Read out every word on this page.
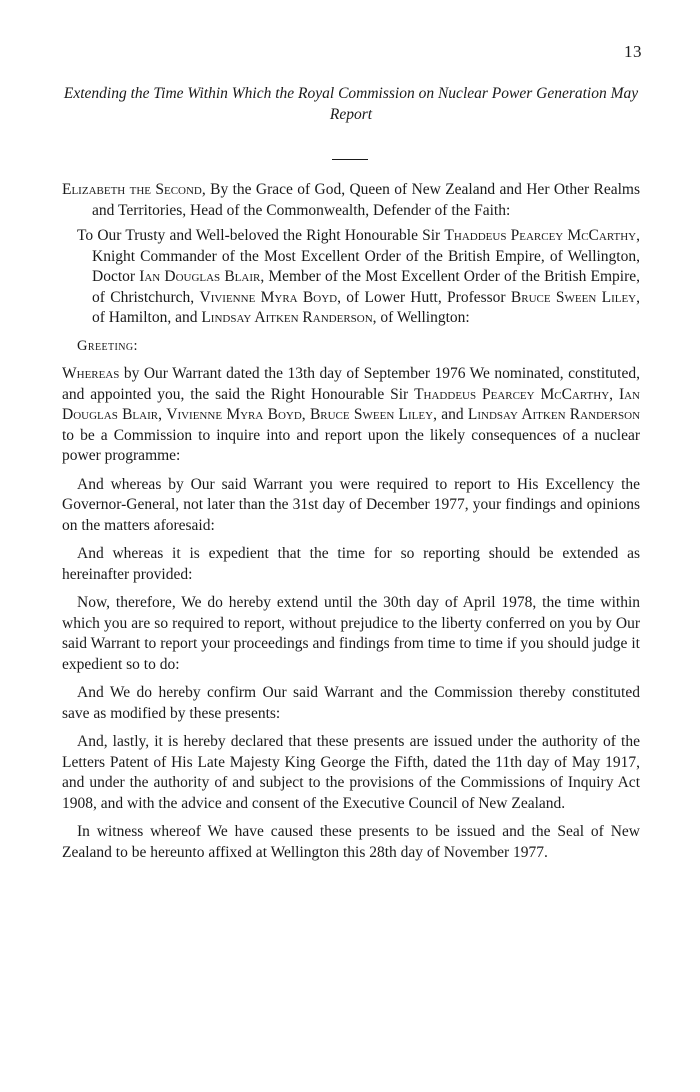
13
Extending the Time Within Which the Royal Commission on Nuclear Power Generation May Report

Elizabeth the Second, By the Grace of God, Queen of New Zealand and Her Other Realms and Territories, Head of the Commonwealth, Defender of the Faith:

To Our Trusty and Well-beloved the Right Honourable Sir Thaddeus Pearcey McCarthy, Knight Commander of the Most Excellent Order of the British Empire, of Wellington, Doctor Ian Douglas Blair, Member of the Most Excellent Order of the British Empire, of Christchurch, Vivienne Myra Boyd, of Lower Hutt, Professor Bruce Sween Liley, of Hamilton, and Lindsay Aitken Randerson, of Wellington:

Greeting:

Whereas by Our Warrant dated the 13th day of September 1976 We nominated, constituted, and appointed you, the said the Right Honourable Sir Thaddeus Pearcey McCarthy, Ian Douglas Blair, Vivienne Myra Boyd, Bruce Sween Liley, and Lindsay Aitken Randerson to be a Commission to inquire into and report upon the likely consequences of a nuclear power programme:

And whereas by Our said Warrant you were required to report to His Excellency the Governor-General, not later than the 31st day of December 1977, your findings and opinions on the matters aforesaid:

And whereas it is expedient that the time for so reporting should be extended as hereinafter provided:

Now, therefore, We do hereby extend until the 30th day of April 1978, the time within which you are so required to report, without prejudice to the liberty conferred on you by Our said Warrant to report your proceedings and findings from time to time if you should judge it expedient so to do:

And We do hereby confirm Our said Warrant and the Commission thereby constituted save as modified by these presents:

And, lastly, it is hereby declared that these presents are issued under the authority of the Letters Patent of His Late Majesty King George the Fifth, dated the 11th day of May 1917, and under the authority of and subject to the provisions of the Commissions of Inquiry Act 1908, and with the advice and consent of the Executive Council of New Zealand.

In witness whereof We have caused these presents to be issued and the Seal of New Zealand to be hereunto affixed at Wellington this 28th day of November 1977.
